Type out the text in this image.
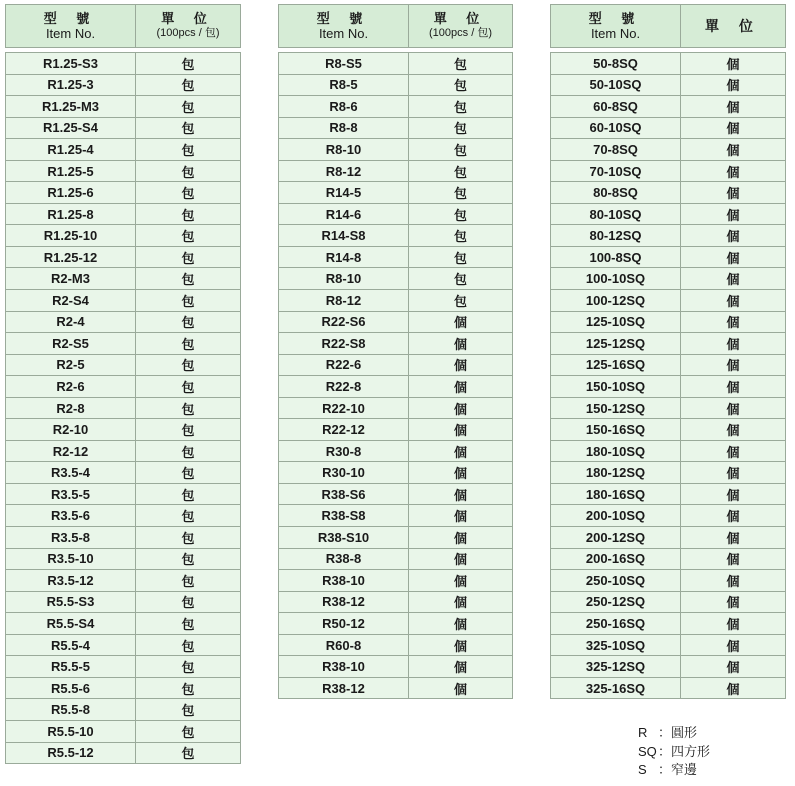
型 號
Item No.	單 位
(100pcs / 包)

R1.25-S3	包
R1.25-3	包
R1.25-M3	包
R1.25-S4	包
R1.25-4	包
R1.25-5	包
R1.25-6	包
R1.25-8	包
R1.25-10	包
R1.25-12	包
R2-M3	包
R2-S4	包
R2-4	包
R2-S5	包
R2-5	包
R2-6	包
R2-8	包
R2-10	包
R2-12	包
R3.5-4	包
R3.5-5	包
R3.5-6	包
R3.5-8	包
R3.5-10	包
R3.5-12	包
R5.5-S3	包
R5.5-S4	包
R5.5-4	包
R5.5-5	包
R5.5-6	包
R5.5-8	包
R5.5-10	包
R5.5-12	包
型 號
Item No.	單 位
(100pcs / 包)

R8-S5	包
R8-5	包
R8-6	包
R8-8	包
R8-10	包
R8-12	包
R14-5	包
R14-6	包
R14-S8	包
R14-8	包
R8-10	包
R8-12	包
R22-S6	個
R22-S8	個
R22-6	個
R22-8	個
R22-10	個
R22-12	個
R30-8	個
R30-10	個
R38-S6	個
R38-S8	個
R38-S10	個
R38-8	個
R38-10	個
R38-12	個
R50-12	個
R60-8	個
R38-10	個
R38-12	個
型 號
Item No.	單 位

50-8SQ	個
50-10SQ	個
60-8SQ	個
60-10SQ	個
70-8SQ	個
70-10SQ	個
80-8SQ	個
80-10SQ	個
80-12SQ	個
100-8SQ	個
100-10SQ	個
100-12SQ	個
125-10SQ	個
125-12SQ	個
125-16SQ	個
150-10SQ	個
150-12SQ	個
150-16SQ	個
180-10SQ	個
180-12SQ	個
180-16SQ	個
200-10SQ	個
200-12SQ	個
200-16SQ	個
250-10SQ	個
250-12SQ	個
250-16SQ	個
325-10SQ	個
325-12SQ	個
325-16SQ	個
R ：圓形
SQ：四方形
S ：窄邊
